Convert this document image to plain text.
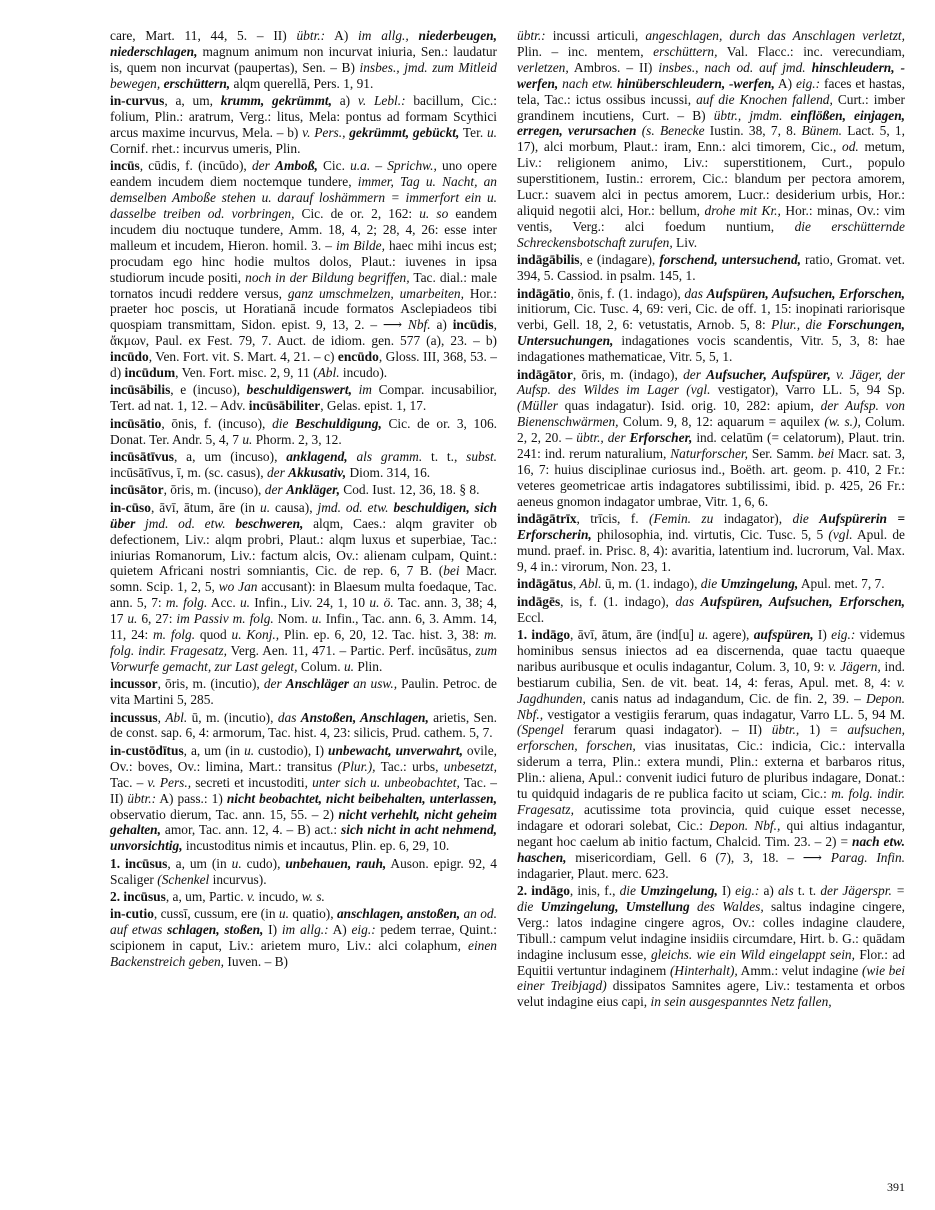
care, Mart. 11, 44, 5. – II) übtr.: A) im allg., niederbeugen, niederschlagen, magnum animum non incurvat iniuria, Sen.: laudatur is, quem non incurvat (paupertas), Sen. – B) insbes., jmd. zum Mitleid bewegen, erschüttern, alqm querellā, Pers. 1, 91.

in-curvus, a, um, krumm, gekrümmt, a) v. Lebl.: bacillum, Cic.: folium, Plin.: aratrum, Verg.: litus, Mela: pontus ad formam Scythici arcus maxime incurvus, Mela. – b) v. Pers., gekrümmt, gebückt, Ter. u. Cornif. rhet.: incurvus umeris, Plin.

incūs, cūdis, f. (incūdo), der Amboß, Cic. u.a. – Sprichw., uno opere eandem incudem diem noctemque tundere, immer, Tag u. Nacht, an demselben Amboße stehen u. darauf loshämmern = immerfort ein u. dasselbe treiben od. vorbringen, Cic. de or. 2, 162: u. so eandem incudem diu noctuque tundere, Amm. 18, 4, 2; 28, 4, 26: esse inter malleum et incudem, Hieron. homil. 3. – im Bilde, haec mihi incus est; procudam ego hinc hodie multos dolos, Plaut.: iuvenes in ipsa studiorum incude positi, noch in der Bildung begriffen, Tac. dial.: male tornatos incudi reddere versus, ganz umschmelzen, umarbeiten, Hor.: praeter hoc poscis, ut Horatianā incude formatos Asclepiadeos tibi quospiam transmittam, Sidon. epist. 9, 13, 2. – ⟶ Nbf. a) incūdis, ἄκμων, Paul. ex Fest. 79, 7. Auct. de idiom. gen. 577 (a), 23. – b) incūdo, Ven. Fort. vit. S. Mart. 4, 21. – c) encūdo, Gloss. III, 368, 53. – d) incūdum, Ven. Fort. misc. 2, 9, 11 (Abl. incudo).

incūsābilis, e (incuso), beschuldigenswert, im Compar. incusabilior, Tert. ad nat. 1, 12. – Adv. incūsābiliter, Gelas. epist. 1, 17.

incūsātio, ōnis, f. (incuso), die Beschuldigung, Cic. de or. 3, 106. Donat. Ter. Andr. 5, 4, 7 u. Phorm. 2, 3, 12.

incūsātīvus, a, um (incuso), anklagend, als gramm. t. t., subst. incūsātīvus, ī, m. (sc. casus), der Akkusativ, Diom. 314, 16.

incūsātor, ōris, m. (incuso), der Ankläger, Cod. Iust. 12, 36, 18. § 8.

in-cūso, āvī, ātum, āre (in u. causa), jmd. od. etw. beschuldigen, sich über jmd. od. etw. beschweren, alqm, Caes.: alqm graviter ob defectionem, Liv.: alqm probri, Plaut.: alqm luxus et superbiae, Tac.: iniurias Romanorum, Liv.: factum alcis, Ov.: alienam culpam, Quint.: quietem Africani nostri somniantis, Cic. de rep. 6, 7 B. (bei Macr. somn. Scip. 1, 2, 5, wo Jan accusant): in Blaesum multa foedaque, Tac. ann. 5, 7: m. folg. Acc. u. Infin., Liv. 24, 1, 10 u. ö. Tac. ann. 3, 38; 4, 17 u. 6, 27: im Passiv m. folg. Nom. u. Infin., Tac. ann. 6, 3. Amm. 14, 11, 24: m. folg. quod u. Konj., Plin. ep. 6, 20, 12. Tac. hist. 3, 38: m. folg. indir. Fragesatz, Verg. Aen. 11, 471. – Partic. Perf. incūsātus, zum Vorwurfe gemacht, zur Last gelegt, Colum. u. Plin.

incussor, ōris, m. (incutio), der Anschläger an usw., Paulin. Petroc. de vita Martini 5, 285.

incussus, Abl. ū, m. (incutio), das Anstoßen, Anschlagen, arietis, Sen. de const. sap. 6, 4: armorum, Tac. hist. 4, 23: silicis, Prud. cathem. 5, 7.

in-custōdītus, a, um (in u. custodio), I) unbewacht, unverwahrt, ovile, Ov.: boves, Ov.: limina, Mart.: transitus (Plur.), Tac.: urbs, unbesetzt, Tac. – v. Pers., secreti et incustoditi, unter sich u. unbeobachtet, Tac. – II) übtr.: A) pass.: 1) nicht beobachtet, nicht beibehalten, unterlassen, observatio dierum, Tac. ann. 15, 55. – 2) nicht verhehlt, nicht geheim gehalten, amor, Tac. ann. 12, 4. – B) act.: sich nicht in acht nehmend, unvorsichtig, incustoditus nimis et incautus, Plin. ep. 6, 29, 10.

1. incūsus, a, um (in u. cudo), unbehauen, rauh, Auson. epigr. 92, 4 Scaliger (Schenkel incurvus).

2. incūsus, a, um, Partic. v. incudo, w. s.

in-cutio, cussī, cussum, ere (in u. quatio), anschlagen, anstoßen, an od. auf etwas schlagen, stoßen, I) im allg.: A) eig.: pedem terrae, Quint.: scipionem in caput, Liv.: arietem muro, Liv.: alci colaphum, einen Backenstreich geben, Iuven. – B)

übtr.: incussi articuli, angeschlagen, durch das Anschlagen verletzt, Plin. – inc. mentem, erschüttern, Val. Flacc.: inc. verecundiam, verletzen, Ambros. – II) insbes., nach od. auf jmd. hinschleudern, -werfen, nach etw. hinüberschleudern, -werfen, A) eig.: faces et hastas, tela, Tac.: ictus ossibus incussi, auf die Knochen fallend, Curt.: imber grandinem incutiens, Curt. – B) übtr., jmdm. einflößen, einjagen, erregen, verursachen (s. Benecke Iustin. 38, 7, 8. Bünem. Lact. 5, 1, 17), alci morbum, Plaut.: iram, Enn.: alci timorem, Cic., od. metum, Liv.: religionem animo, Liv.: superstitionem, Curt., populo superstitionem, Iustin.: errorem, Cic.: blandum per pectora amorem, Lucr.: suavem alci in pectus amorem, Lucr.: desiderium urbis, Hor.: aliquid negotii alci, Hor.: bellum, drohe mit Kr., Hor.: minas, Ov.: vim ventis, Verg.: alci foedum nuntium, die erschütternde Schreckensbotschaft zurufen, Liv.

indāgābilis, e (indagare), forschend, untersuchend, ratio, Gromat. vet. 394, 5. Cassiod. in psalm. 145, 1.

indāgātio, ōnis, f. (1. indago), das Aufspüren, Aufsuchen, Erforschen, initiorum, Cic. Tusc. 4, 69: veri, Cic. de off. 1, 15: inopinati rariorisque verbi, Gell. 18, 2, 6: vetustatis, Arnob. 5, 8: Plur., die Forschungen, Untersuchungen, indagationes vocis scandentis, Vitr. 5, 3, 8: hae indagationes mathematicae, Vitr. 5, 5, 1.

indāgātor, ōris, m. (indago), der Aufsucher, Aufspürer, v. Jäger, der Aufsp. des Wildes im Lager (vgl. vestigator), Varro LL. 5, 94 Sp. (Müller quas indagatur). Isid. orig. 10, 282: apium, der Aufsp. von Bienenschwärmen, Colum. 9, 8, 12: aquarum = aquilex (w. s.), Colum. 2, 2, 20. – übtr., der Erforscher, ind. celatūm (= celatorum), Plaut. trin. 241: ind. rerum naturalium, Naturforscher, Ser. Samm. bei Macr. sat. 3, 16, 7: huius disciplinae curiosus ind., Boëth. art. geom. p. 410, 2 Fr.: veteres geometricae artis indagatores subtilissimi, ibid. p. 425, 26 Fr.: aeneus gnomon indagator umbrae, Vitr. 1, 6, 6.

indāgātrīx, trīcis, f. (Femin. zu indagator), die Aufspürerin = Erforscherin, philosophia, ind. virtutis, Cic. Tusc. 5, 5 (vgl. Apul. de mund. praef. in. Prisc. 8, 4): avaritia, latentium ind. lucrorum, Val. Max. 9, 4 in.: virorum, Non. 23, 1.

indāgātus, Abl. ū, m. (1. indago), die Umzingelung, Apul. met. 7, 7.

indāgēs, is, f. (1. indago), das Aufspüren, Aufsuchen, Erforschen, Eccl.

1. indāgo, āvī, ātum, āre (ind[u] u. agere), aufspüren, I) eig.: videmus hominibus sensus iniectos ad ea discernenda, quae tactu quaeque naribus auribusque et oculis indagantur, Colum. 3, 10, 9: v. Jägern, ind. bestiarum cubilia, Sen. de vit. beat. 14, 4: feras, Apul. met. 8, 4: v. Jagdhunden, canis natus ad indagandum, Cic. de fin. 2, 39. – Depon. Nbf., vestigator a vestigiis ferarum, quas indagatur, Varro LL. 5, 94 M. (Spengel ferarum quasi indagator). – II) übtr., 1) = aufsuchen, erforschen, forschen, vias inusitatas, Cic.: indicia, Cic.: intervalla siderum a terra, Plin.: extera mundi, Plin.: externa et barbaros ritus, Plin.: aliena, Apul.: convenit iudici futuro de pluribus indagare, Donat.: tu quidquid indagaris de re publica facito ut sciam, Cic.: m. folg. indir. Fragesatz, acutissime tota provincia, quid cuique esset necesse, indagare et odorari solebat, Cic.: Depon. Nbf., qui altius indagantur, negant hoc caelum ab initio factum, Chalcid. Tim. 23. – 2) = nach etw. haschen, misericordiam, Gell. 6 (7), 3, 18. – ⟶ Parag. Infin. indagarier, Plaut. merc. 623.

2. indāgo, inis, f., die Umzingelung, I) eig.: a) als t. t. der Jägerspr. = die Umzingelung, Umstellung des Waldes, saltus indagine cingere, Verg.: latos indagine cingere agros, Ov.: colles indagine claudere, Tibull.: campum velut indagine insidiis circumdare, Hirt. b. G.: quādam indagine inclusum esse, gleichs. wie ein Wild eingelappt sein, Flor.: ad Equitii vertuntur indaginem (Hinterhalt), Amm.: velut indagine (wie bei einer Treibjagd) dissipatos Samnites agere, Liv.: testamenta et orbos velut indagine eius capi, in sein ausgespanntes Netz fallen,

391
